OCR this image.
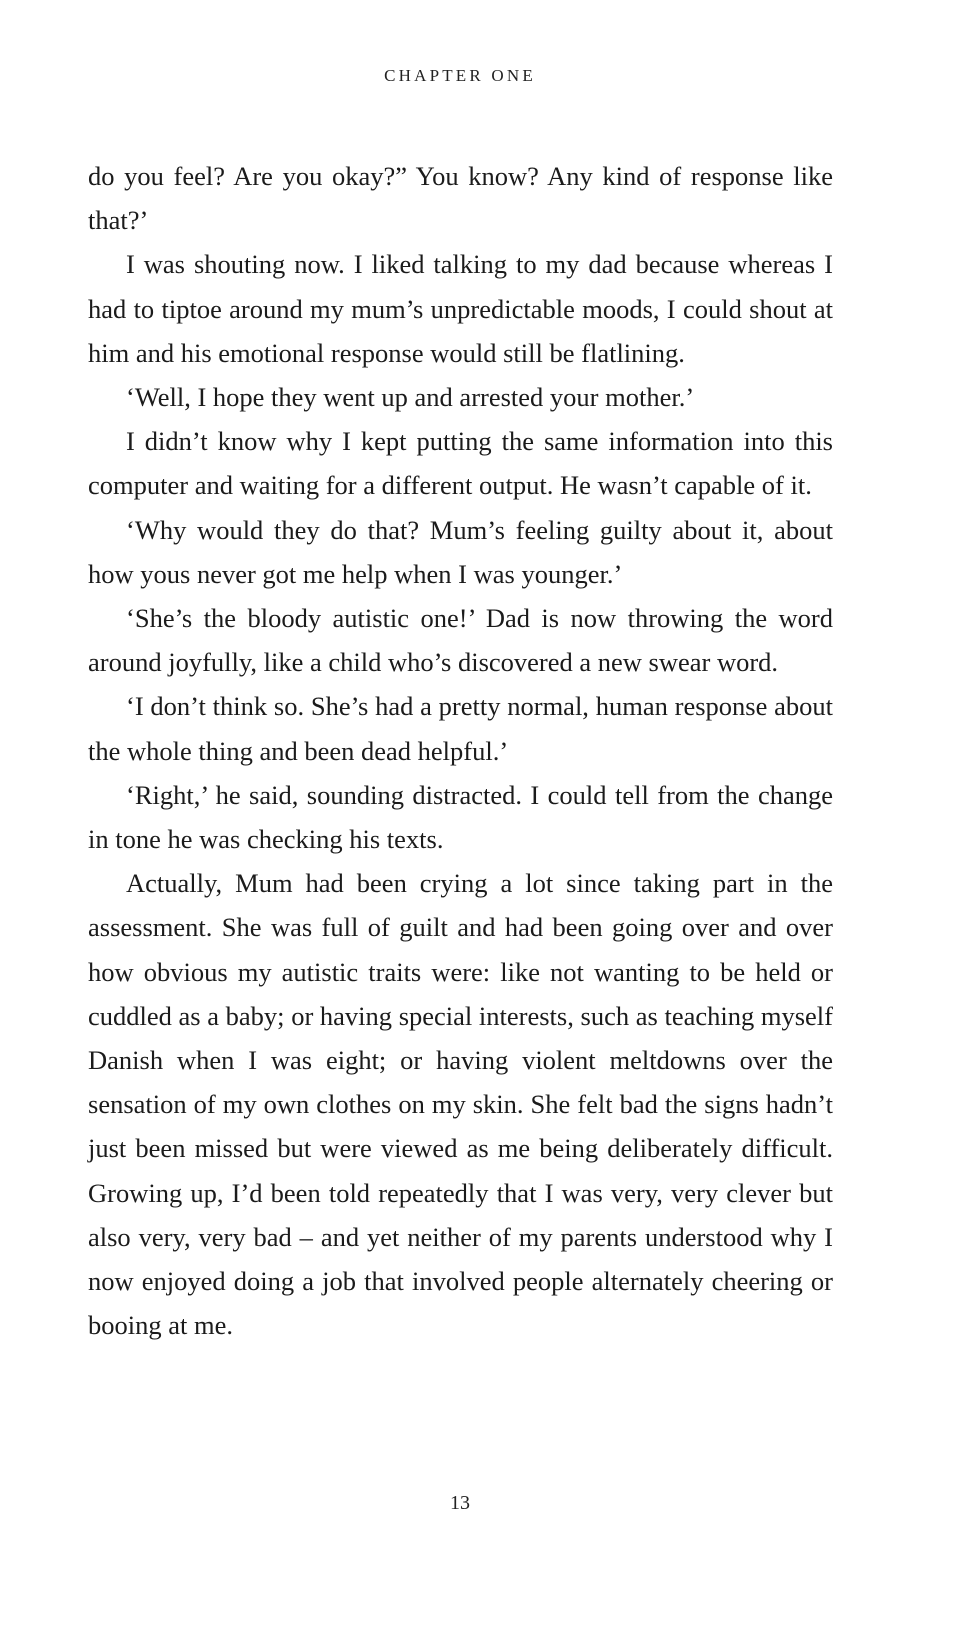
CHAPTER ONE

do you feel? Are you okay?” You know? Any kind of response like that?’

I was shouting now. I liked talking to my dad because whereas I had to tiptoe around my mum’s unpredictable moods, I could shout at him and his emotional response would still be flatlining.

‘Well, I hope they went up and arrested your mother.’

I didn’t know why I kept putting the same information into this computer and waiting for a different output. He wasn’t capable of it.

‘Why would they do that? Mum’s feeling guilty about it, about how yous never got me help when I was younger.’

‘She’s the bloody autistic one!’ Dad is now throwing the word around joyfully, like a child who’s discovered a new swear word.

‘I don’t think so. She’s had a pretty normal, human response about the whole thing and been dead helpful.’

‘Right,’ he said, sounding distracted. I could tell from the change in tone he was checking his texts.

Actually, Mum had been crying a lot since taking part in the assessment. She was full of guilt and had been going over and over how obvious my autistic traits were: like not wanting to be held or cuddled as a baby; or having special interests, such as teaching myself Danish when I was eight; or having violent meltdowns over the sensation of my own clothes on my skin. She felt bad the signs hadn’t just been missed but were viewed as me being deliberately difficult. Growing up, I’d been told repeatedly that I was very, very clever but also very, very bad – and yet neither of my parents understood why I now enjoyed doing a job that involved people alternately cheering or booing at me.

13
